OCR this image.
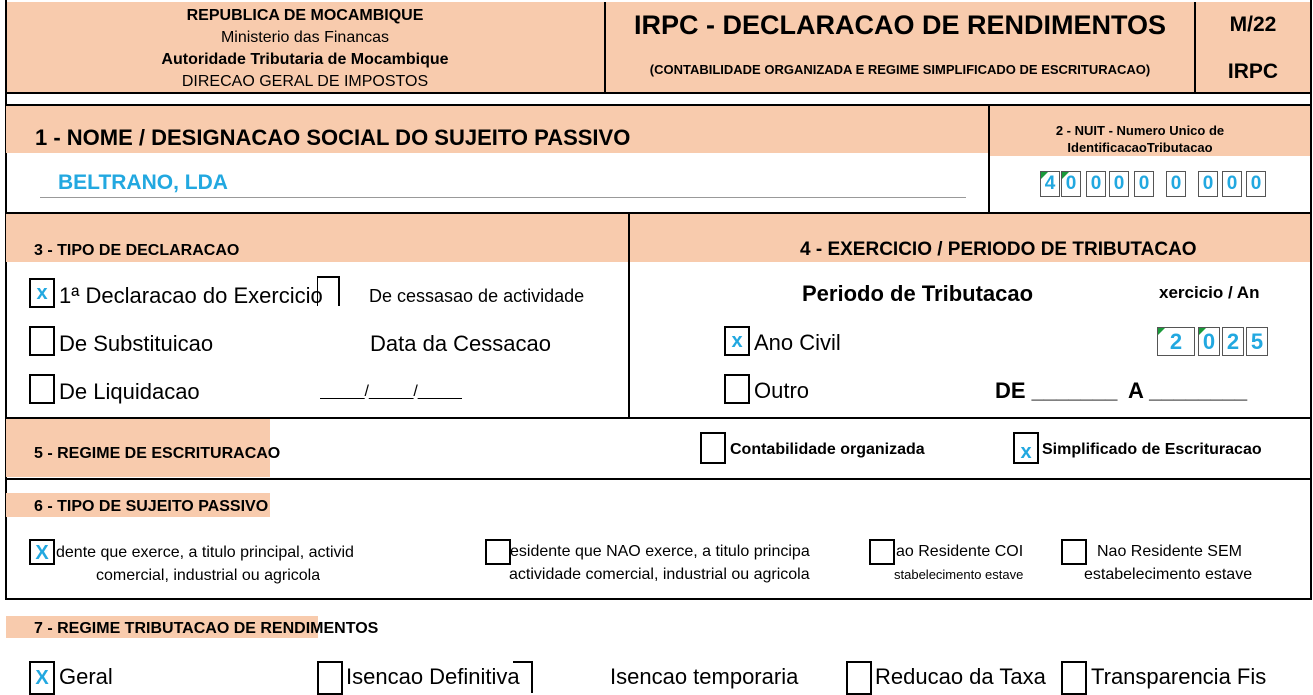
REPUBLICA DE MOCAMBIQUE
Ministerio das Financas
Autoridade Tributaria de Mocambique
DIRECAO GERAL DE IMPOSTOS
IRPC - DECLARACAO DE RENDIMENTOS
(CONTABILIDADE ORGANIZADA E REGIME SIMPLIFICADO DE ESCRITURACAO)
M/22
IRPC
1 - NOME / DESIGNACAO SOCIAL DO SUJEITO PASSIVO
BELTRANO, LDA
2 - NUIT - Numero Unico de
IdentificacaoTributacao
4 0 0 0 0 0 0 0 0
3 - TIPO DE DECLARACAO	4 - EXERCICIO / PERIODO DE TRIBUTACAO
x 1ª Declaracao do Exercicio	De cessasao de actividade
De Substituicao	Data da Cessacao
De Liquidacao	_____/_____/_____
Periodo de Tributacao	xercicio / An
x Ano Civil	2 0 2 5
Outro	DE _______ A ________
5 - REGIME DE ESCRITURACAO	Contabilidade organizada	x Simplificado de Escrituracao
6 - TIPO DE SUJEITO PASSIVO
X dente que exerce, a titulo principal, activid
comercial, industrial ou agricola
esidente que NAO exerce, a titulo principa
actividade comercial, industrial ou agricola
ao Residente COI
stabelecimento estave
Nao Residente SEM
estabelecimento estave
7 - REGIME TRIBUTACAO DE RENDIMENTOS
X Geral	Isencao Definitiva	Isencao temporaria	Reducao da Taxa Transparencia Fis
